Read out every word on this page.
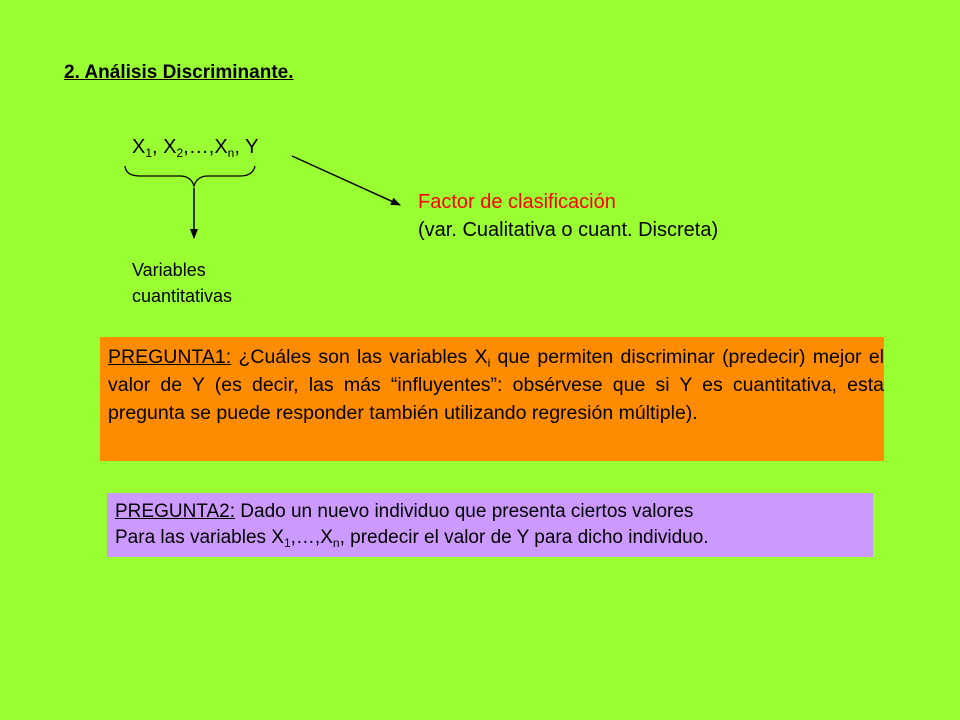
2. Análisis Discriminante.
$X_1$, $X_2,\dots,X_n$, Y
Factor de clasificación
(var. Cualitativa o cuant. Discreta)
Variables
cuantitativas
PREGUNTA1: ¿Cuáles son las variables $X_i$ que permiten discriminar (predecir) mejor el valor de Y (es decir, las más “influyentes”: obsérvese que si Y es cuantitativa, esta pregunta se puede responder también utilizando regresión múltiple).
PREGUNTA2: Dado un nuevo individuo que presenta ciertos valores
Para las variables $X_1,\dots,X_n$, predecir el valor de Y para dicho individuo.
